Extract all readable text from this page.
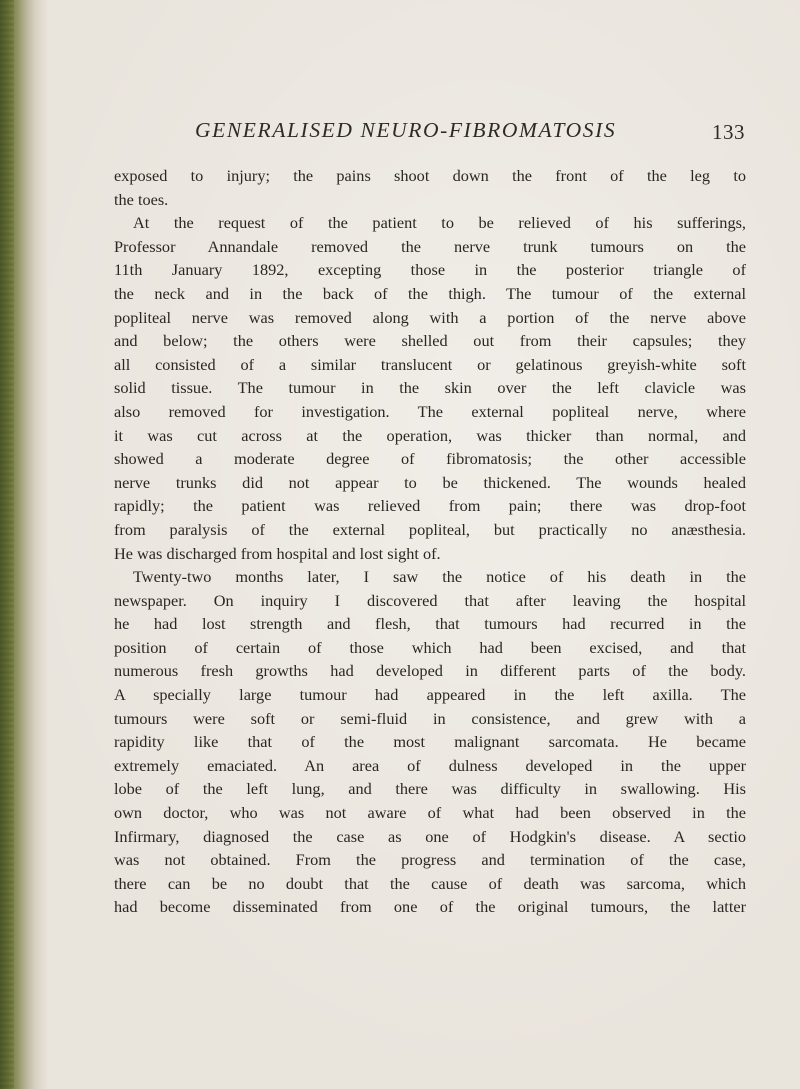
GENERALISED NEURO-FIBROMATOSIS	133
exposed to injury; the pains shoot down the front of the leg to
the toes.
At the request of the patient to be relieved of his sufferings,
Professor Annandale removed the nerve trunk tumours on the
11th January 1892, excepting those in the posterior triangle of
the neck and in the back of the thigh. The tumour of the external
popliteal nerve was removed along with a portion of the nerve above
and below; the others were shelled out from their capsules; they
all consisted of a similar translucent or gelatinous greyish-white soft
solid tissue. The tumour in the skin over the left clavicle was
also removed for investigation. The external popliteal nerve, where
it was cut across at the operation, was thicker than normal, and
showed a moderate degree of fibromatosis; the other accessible
nerve trunks did not appear to be thickened. The wounds healed
rapidly; the patient was relieved from pain; there was drop-foot
from paralysis of the external popliteal, but practically no anæsthesia.
He was discharged from hospital and lost sight of.
Twenty-two months later, I saw the notice of his death in the
newspaper. On inquiry I discovered that after leaving the hospital
he had lost strength and flesh, that tumours had recurred in the
position of certain of those which had been excised, and that
numerous fresh growths had developed in different parts of the body.
A specially large tumour had appeared in the left axilla. The
tumours were soft or semi-fluid in consistence, and grew with a
rapidity like that of the most malignant sarcomata. He became
extremely emaciated. An area of dulness developed in the upper
lobe of the left lung, and there was difficulty in swallowing. His
own doctor, who was not aware of what had been observed in the
Infirmary, diagnosed the case as one of Hodgkin's disease. A sectio
was not obtained. From the progress and termination of the case,
there can be no doubt that the cause of death was sarcoma, which
had become disseminated from one of the original tumours, the latter
